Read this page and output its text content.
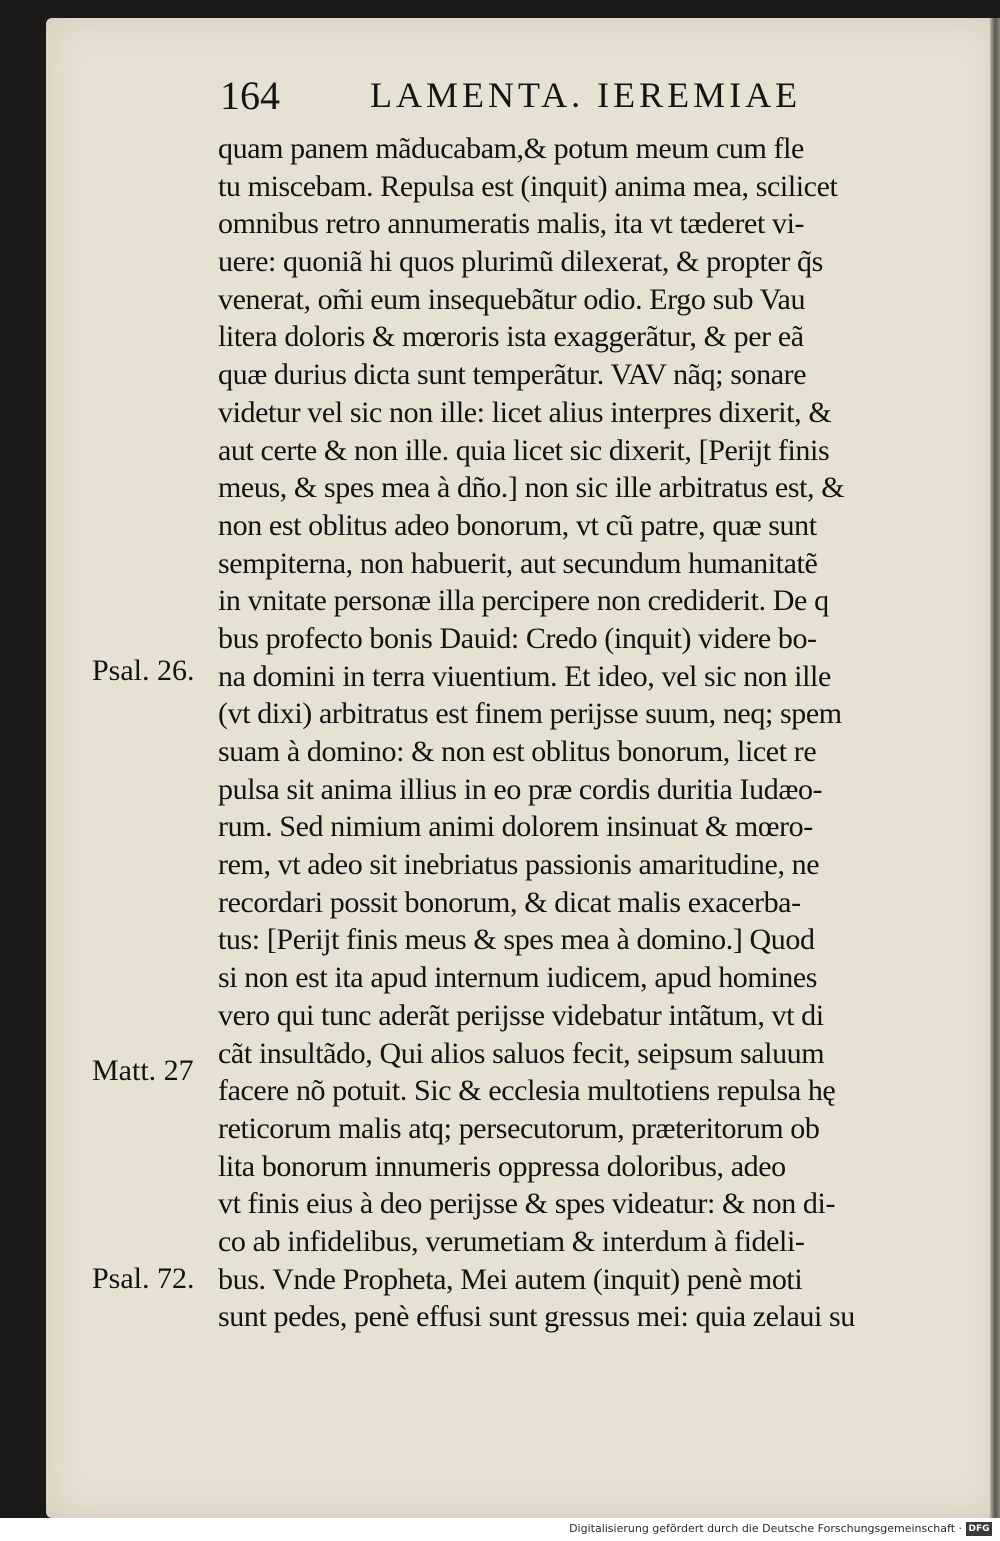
164	LAMENTA. IEREMIAE
Psal. 26.
Matt. 27
Psal. 72.
quam panem mãducabam,& potum meum cum fle
tu miscebam. Repulsa est (inquit) anima mea, scilicet
omnibus retro annumeratis malis, ita vt tæderet vi-
uere: quoniã hi quos plurimũ dilexerat, & propter q̃s
venerat, om̃i eum insequebãtur odio. Ergo sub Vau
litera doloris & mœroris ista exaggerãtur, & per eã
quæ durius dicta sunt temperãtur. VAV nãq; sonare
videtur vel sic non ille: licet alius interpres dixerit, &
aut certe & non ille. quia licet sic dixerit, [Perijt finis
meus, & spes mea à dño.] non sic ille arbitratus est, &
non est oblitus adeo bonorum, vt cũ patre, quæ sunt
sempiterna, non habuerit, aut secundum humanitatẽ
in vnitate personæ illa percipere non crediderit. De q
bus profecto bonis Dauid: Credo (inquit) videre bo-
na domini in terra viuentium. Et ideo, vel sic non ille
(vt dixi) arbitratus est finem perijsse suum, neq; spem
suam à domino: & non est oblitus bonorum, licet re
pulsa sit anima illius in eo præ cordis duritia Iudæo-
rum. Sed nimium animi dolorem insinuat & mœro-
rem, vt adeo sit inebriatus passionis amaritudine, ne
recordari possit bonorum, & dicat malis exacerba-
tus: [Perijt finis meus & spes mea à domino.] Quod
si non est ita apud internum iudicem, apud homines
vero qui tunc aderãt perijsse videbatur intãtum, vt di
cãt insultãdo, Qui alios saluos fecit, seipsum saluum
facere nõ potuit. Sic & ecclesia multotiens repulsa hę
reticorum malis atq; persecutorum, præteritorum ob
lita bonorum innumeris oppressa doloribus, adeo
vt finis eius à deo perijsse & spes videatur: & non di-
co ab infidelibus, verumetiam & interdum à fideli-
bus. Vnde Propheta, Mei autem (inquit) penè moti
sunt pedes, penè effusi sunt gressus mei: quia zelaui su
Digitalisierung gefördert durch die Deutsche Forschungsgemeinschaft · DFG
